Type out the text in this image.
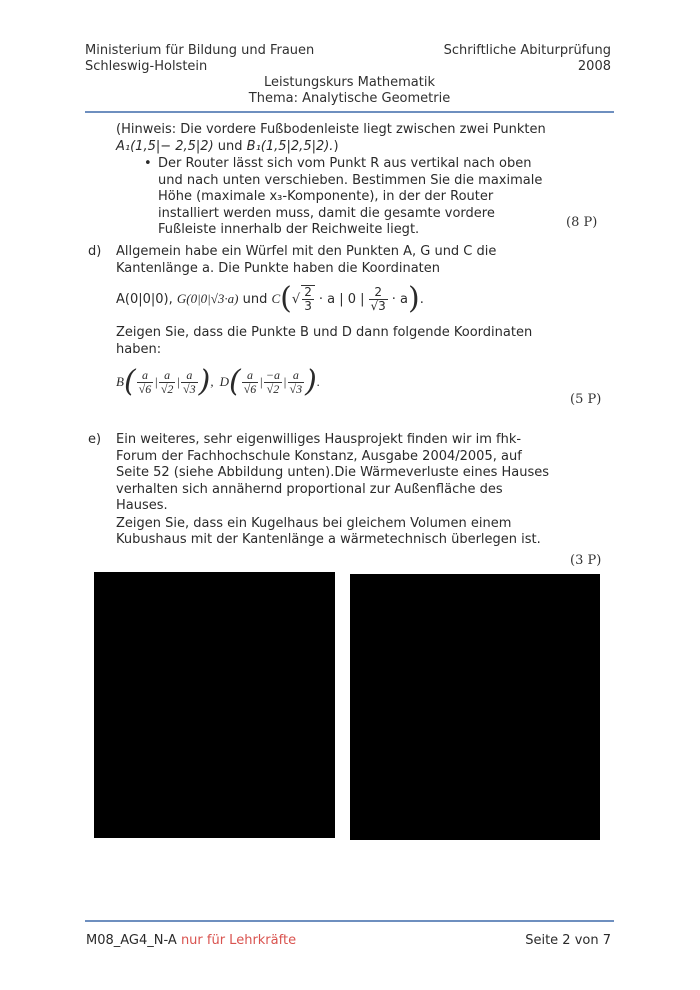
Ministerium für Bildung und Frauen
Schleswig-Holstein
Schriftliche Abiturprüfung
2008
Leistungskurs Mathematik
Thema: Analytische Geometrie
(Hinweis: Die vordere Fußbodenleiste liegt zwischen zwei Punkten
A₁(1,5|− 2,5|2) und B₁(1,5|2,5|2).)
• Der Router lässt sich vom Punkt R aus vertikal nach oben
und nach unten verschieben. Bestimmen Sie die maximale
Höhe (maximale x₃-Komponente), in der der Router
installiert werden muss, damit die gesamte vordere
Fußleiste innerhalb der Reichweite liegt.	(8 P)
d) Allgemein habe ein Würfel mit den Punkten A, G und C die
Kantenlänge a. Die Punkte haben die Koordinaten
A(0|0|0),
G(0|0|√3·a)
und
C ( √ $\frac{2}{3} \cdot a$ | 0 | $\frac{2}{√3} \cdot a$ ) .
Zeigen Sie, dass die Punkte B und D dann folgende Koordinaten
haben:
B ( $\frac{a}{√6}$ | $\frac{a}{√2}$ | $\frac{a}{√3}$ ) , D ( $\frac{a}{√6}$ | $\frac{-a}{√2}$ | $\frac{a}{√3}$ ) .
(5 P)
e) Ein weiteres, sehr eigenwilliges Hausprojekt finden wir im fhk-
Forum der Fachhochschule Konstanz, Ausgabe 2004/2005, auf
Seite 52 (siehe Abbildung unten).Die Wärmeverluste eines Hauses
verhalten sich annähernd proportional zur Außenfläche des
Hauses.
Zeigen Sie, dass ein Kugelhaus bei gleichem Volumen einem
Kubushaus mit der Kantenlänge a wärmetechnisch überlegen ist.
(3 P)
M08_AG4_N-A nur für Lehrkräfte	Seite 2 von 7
